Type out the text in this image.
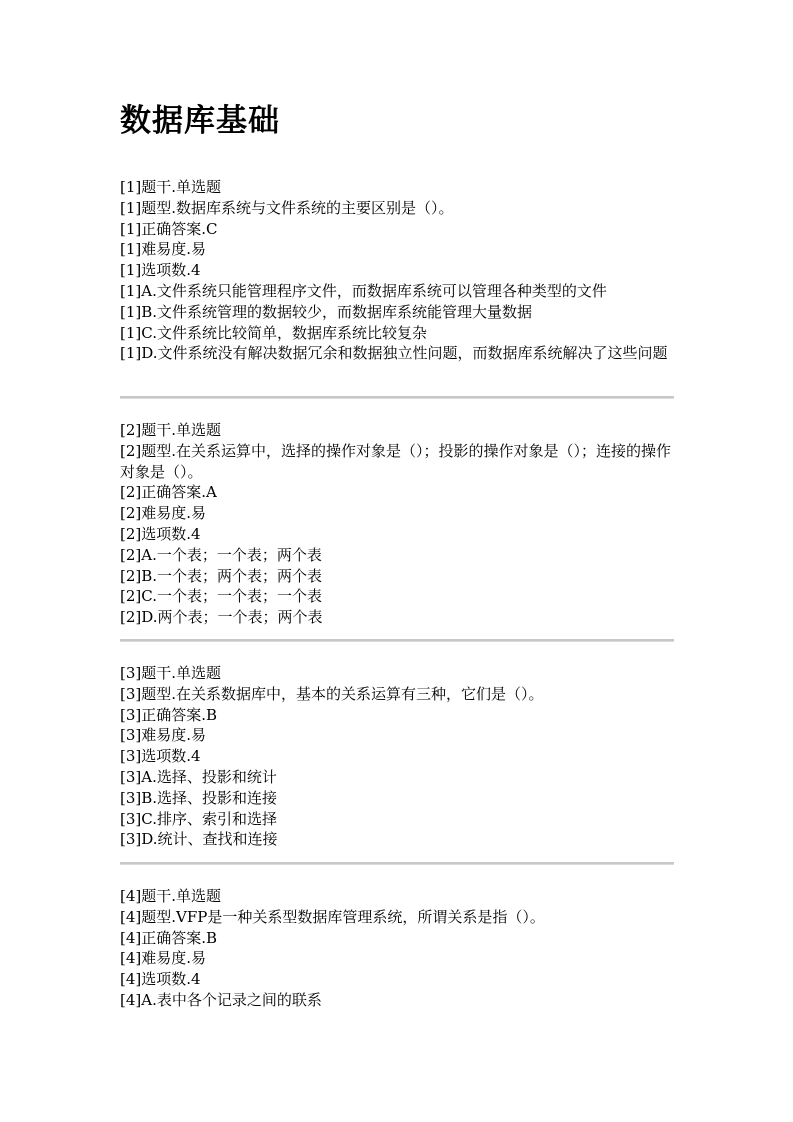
数据库基础
[1]题干.单选题
[1]题型.数据库系统与文件系统的主要区别是（）。
[1]正确答案.C
[1]难易度.易
[1]选项数.4
[1]A.文件系统只能管理程序文件，而数据库系统可以管理各种类型的文件
[1]B.文件系统管理的数据较少，而数据库系统能管理大量数据
[1]C.文件系统比较简单，数据库系统比较复杂
[1]D.文件系统没有解决数据冗余和数据独立性问题，而数据库系统解决了这些问题
[2]题干.单选题
[2]题型.在关系运算中，选择的操作对象是（）；投影的操作对象是（）；连接的操作对象是（）。
[2]正确答案.A
[2]难易度.易
[2]选项数.4
[2]A.一个表；一个表；两个表
[2]B.一个表；两个表；两个表
[2]C.一个表；一个表；一个表
[2]D.两个表；一个表；两个表
[3]题干.单选题
[3]题型.在关系数据库中，基本的关系运算有三种，它们是（）。
[3]正确答案.B
[3]难易度.易
[3]选项数.4
[3]A.选择、投影和统计
[3]B.选择、投影和连接
[3]C.排序、索引和选择
[3]D.统计、查找和连接
[4]题干.单选题
[4]题型.VFP是一种关系型数据库管理系统，所谓关系是指（）。
[4]正确答案.B
[4]难易度.易
[4]选项数.4
[4]A.表中各个记录之间的联系
